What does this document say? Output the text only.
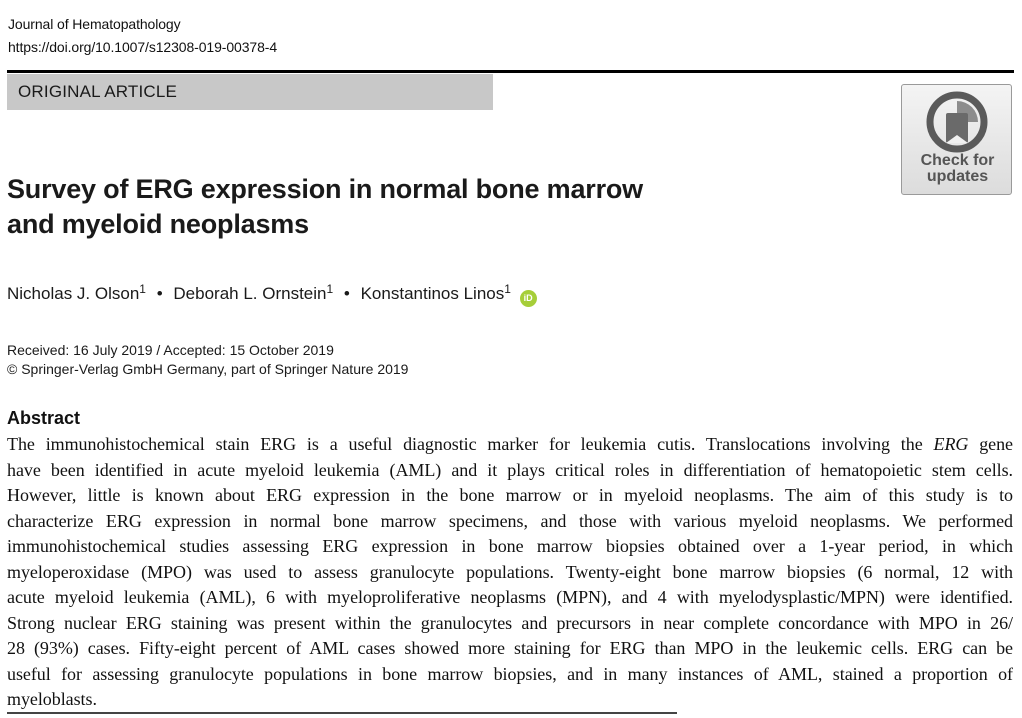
Journal of Hematopathology
https://doi.org/10.1007/s12308-019-00378-4
ORIGINAL ARTICLE
Check for
updates
Survey of ERG expression in normal bone marrow
and myeloid neoplasms
Nicholas J. Olson$^1$ • Deborah L. Ornstein$^1$ • Konstantinos Linos$^1$ iD
Received: 16 July 2019 / Accepted: 15 October 2019
© Springer-Verlag GmbH Germany, part of Springer Nature 2019
Abstract
The immunohistochemical stain ERG is a useful diagnostic marker for leukemia cutis. Translocations involving the ERG gene
have been identified in acute myeloid leukemia (AML) and it plays critical roles in differentiation of hematopoietic stem cells.
However, little is known about ERG expression in the bone marrow or in myeloid neoplasms. The aim of this study is to
characterize ERG expression in normal bone marrow specimens, and those with various myeloid neoplasms. We performed
immunohistochemical studies assessing ERG expression in bone marrow biopsies obtained over a 1-year period, in which
myeloperoxidase (MPO) was used to assess granulocyte populations. Twenty-eight bone marrow biopsies (6 normal, 12 with
acute myeloid leukemia (AML), 6 with myeloproliferative neoplasms (MPN), and 4 with myelodysplastic/MPN) were identified.
Strong nuclear ERG staining was present within the granulocytes and precursors in near complete concordance with MPO in 26/
28 (93%) cases. Fifty-eight percent of AML cases showed more staining for ERG than MPO in the leukemic cells. ERG can be
useful for assessing granulocyte populations in bone marrow biopsies, and in many instances of AML, stained a proportion of
myeloblasts.
